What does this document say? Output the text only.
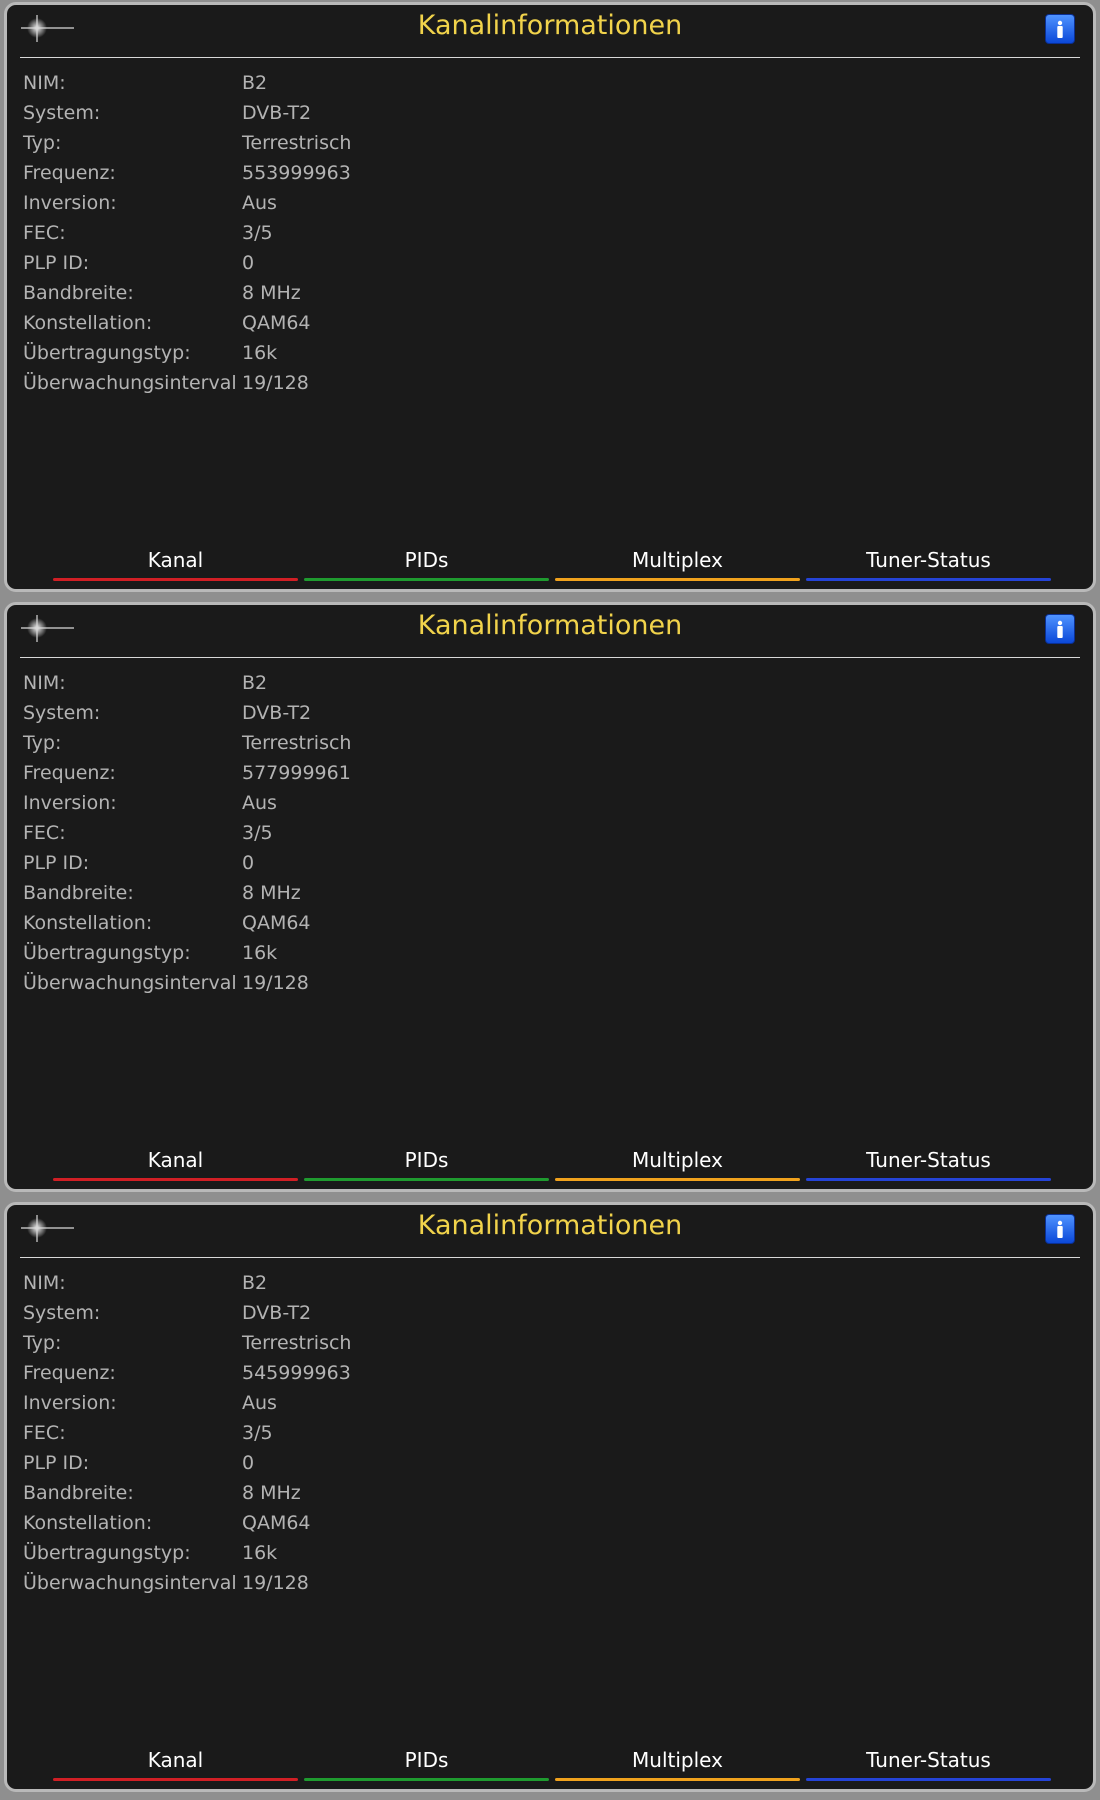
Kanalinformationen
NIM:	B2
System:	DVB-T2
Typ:	Terrestrisch
Frequenz:	553999963
Inversion:	Aus
FEC:	3/5
PLP ID:	0
Bandbreite:	8 MHz
Konstellation:	QAM64
Übertragungstyp:	16k
Überwachungsinterval 19/128
Kanal	PIDs	Multiplex	Tuner-Status
Kanalinformationen
NIM:	B2
System:	DVB-T2
Typ:	Terrestrisch
Frequenz:	577999961
Inversion:	Aus
FEC:	3/5
PLP ID:	0
Bandbreite:	8 MHz
Konstellation:	QAM64
Übertragungstyp:	16k
Überwachungsinterval 19/128
Kanal	PIDs	Multiplex	Tuner-Status
Kanalinformationen
NIM:	B2
System:	DVB-T2
Typ:	Terrestrisch
Frequenz:	545999963
Inversion:	Aus
FEC:	3/5
PLP ID:	0
Bandbreite:	8 MHz
Konstellation:	QAM64
Übertragungstyp:	16k
Überwachungsinterval 19/128
Kanal	PIDs	Multiplex	Tuner-Status
